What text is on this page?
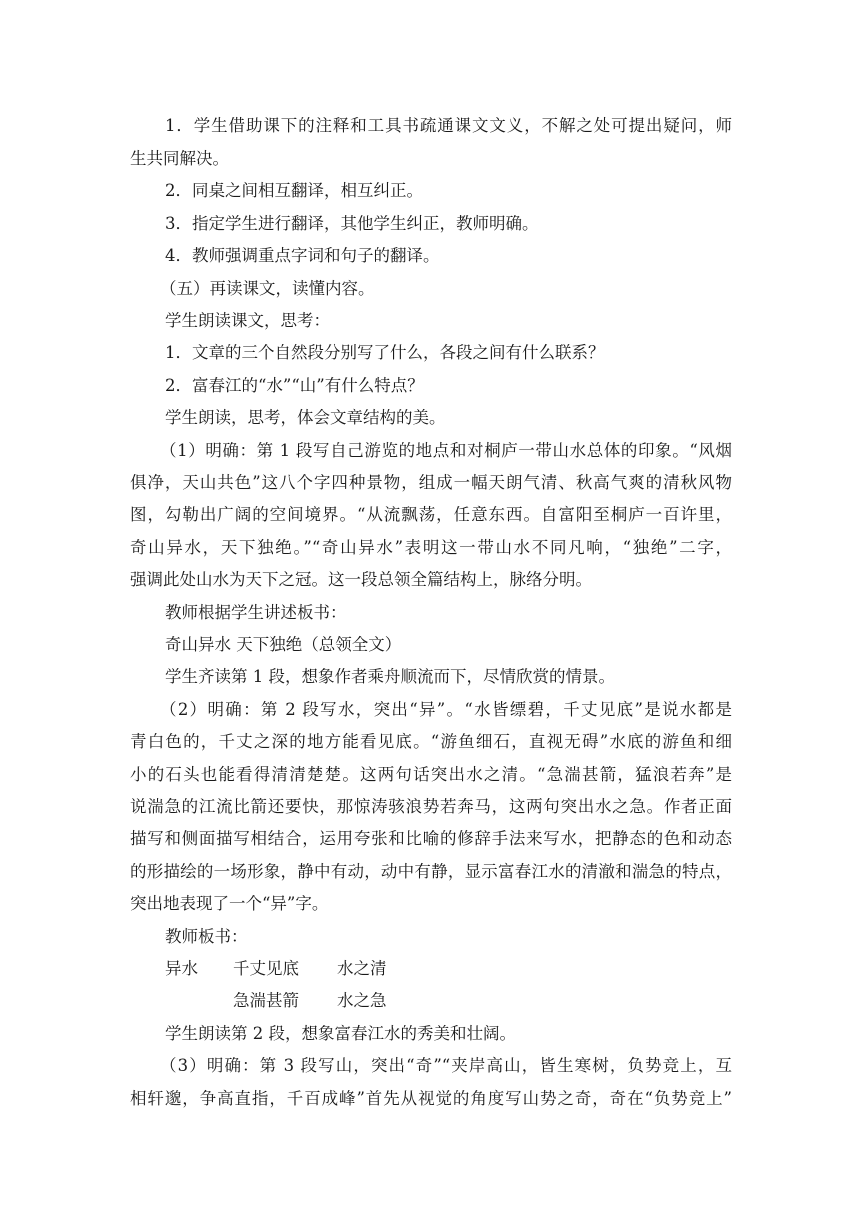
1．学生借助课下的注释和工具书疏通课文文义，不解之处可提出疑问，师
生共同解决。
2．同桌之间相互翻译，相互纠正。
3．指定学生进行翻译，其他学生纠正，教师明确。
4．教师强调重点字词和句子的翻译。
（五）再读课文，读懂内容。
学生朗读课文，思考：
1．文章的三个自然段分别写了什么，各段之间有什么联系？
2．富春江的“水”“山”有什么特点？
学生朗读，思考，体会文章结构的美。
（1）明确：第 1 段写自己游览的地点和对桐庐一带山水总体的印象。“风烟
俱净，天山共色”这八个字四种景物，组成一幅天朗气清、秋高气爽的清秋风物
图，勾勒出广阔的空间境界。“从流飘荡，任意东西。自富阳至桐庐一百许里，
奇山异水，天下独绝。”“奇山异水”表明这一带山水不同凡响，“独绝”二字，
强调此处山水为天下之冠。这一段总领全篇结构上，脉络分明。
教师根据学生讲述板书：
奇山异水 天下独绝（总领全文）
学生齐读第 1 段，想象作者乘舟顺流而下，尽情欣赏的情景。
（2）明确：第 2 段写水，突出“异”。“水皆缥碧，千丈见底”是说水都是
青白色的，千丈之深的地方能看见底。“游鱼细石，直视无碍”水底的游鱼和细
小的石头也能看得清清楚楚。这两句话突出水之清。“急湍甚箭，猛浪若奔”是
说湍急的江流比箭还要快，那惊涛骇浪势若奔马，这两句突出水之急。作者正面
描写和侧面描写相结合，运用夸张和比喻的修辞手法来写水，把静态的色和动态
的形描绘的一场形象，静中有动，动中有静，显示富春江水的清澈和湍急的特点，
突出地表现了一个“异”字。
教师板书：
异水 千丈见底 水之清
急湍甚箭 水之急
学生朗读第 2 段，想象富春江水的秀美和壮阔。
（3）明确：第 3 段写山，突出“奇”“夹岸高山，皆生寒树，负势竞上，互
相轩邈，争高直指，千百成峰”首先从视觉的角度写山势之奇，奇在“负势竞上”
